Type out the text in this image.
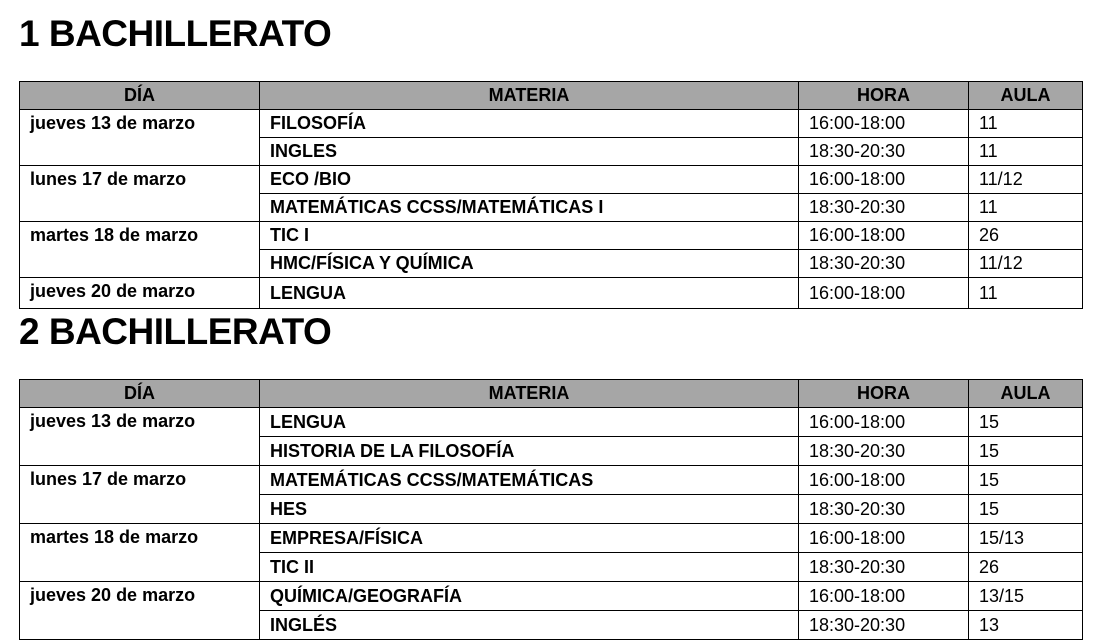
1 BACHILLERATO
DÍA	MATERIA	HORA	AULA
jueves 13 de marzo	FILOSOFÍA	16:00-18:00	11
	INGLES	18:30-20:30	11
lunes 17 de marzo	ECO /BIO	16:00-18:00	11/12
	MATEMÁTICAS CCSS/MATEMÁTICAS I	18:30-20:30	11
martes 18 de marzo	TIC I	16:00-18:00	26
	HMC/FÍSICA Y QUÍMICA	18:30-20:30	11/12
jueves 20 de marzo	LENGUA	16:00-18:00	11
2 BACHILLERATO
DÍA	MATERIA	HORA	AULA
jueves 13 de marzo	LENGUA	16:00-18:00	15
	HISTORIA DE LA FILOSOFÍA	18:30-20:30	15
lunes 17 de marzo	MATEMÁTICAS CCSS/MATEMÁTICAS	16:00-18:00	15
	HES	18:30-20:30	15
martes 18 de marzo	EMPRESA/FÍSICA	16:00-18:00	15/13
	TIC II	18:30-20:30	26
jueves 20 de marzo	QUÍMICA/GEOGRAFÍA	16:00-18:00	13/15
	INGLÉS	18:30-20:30	13
